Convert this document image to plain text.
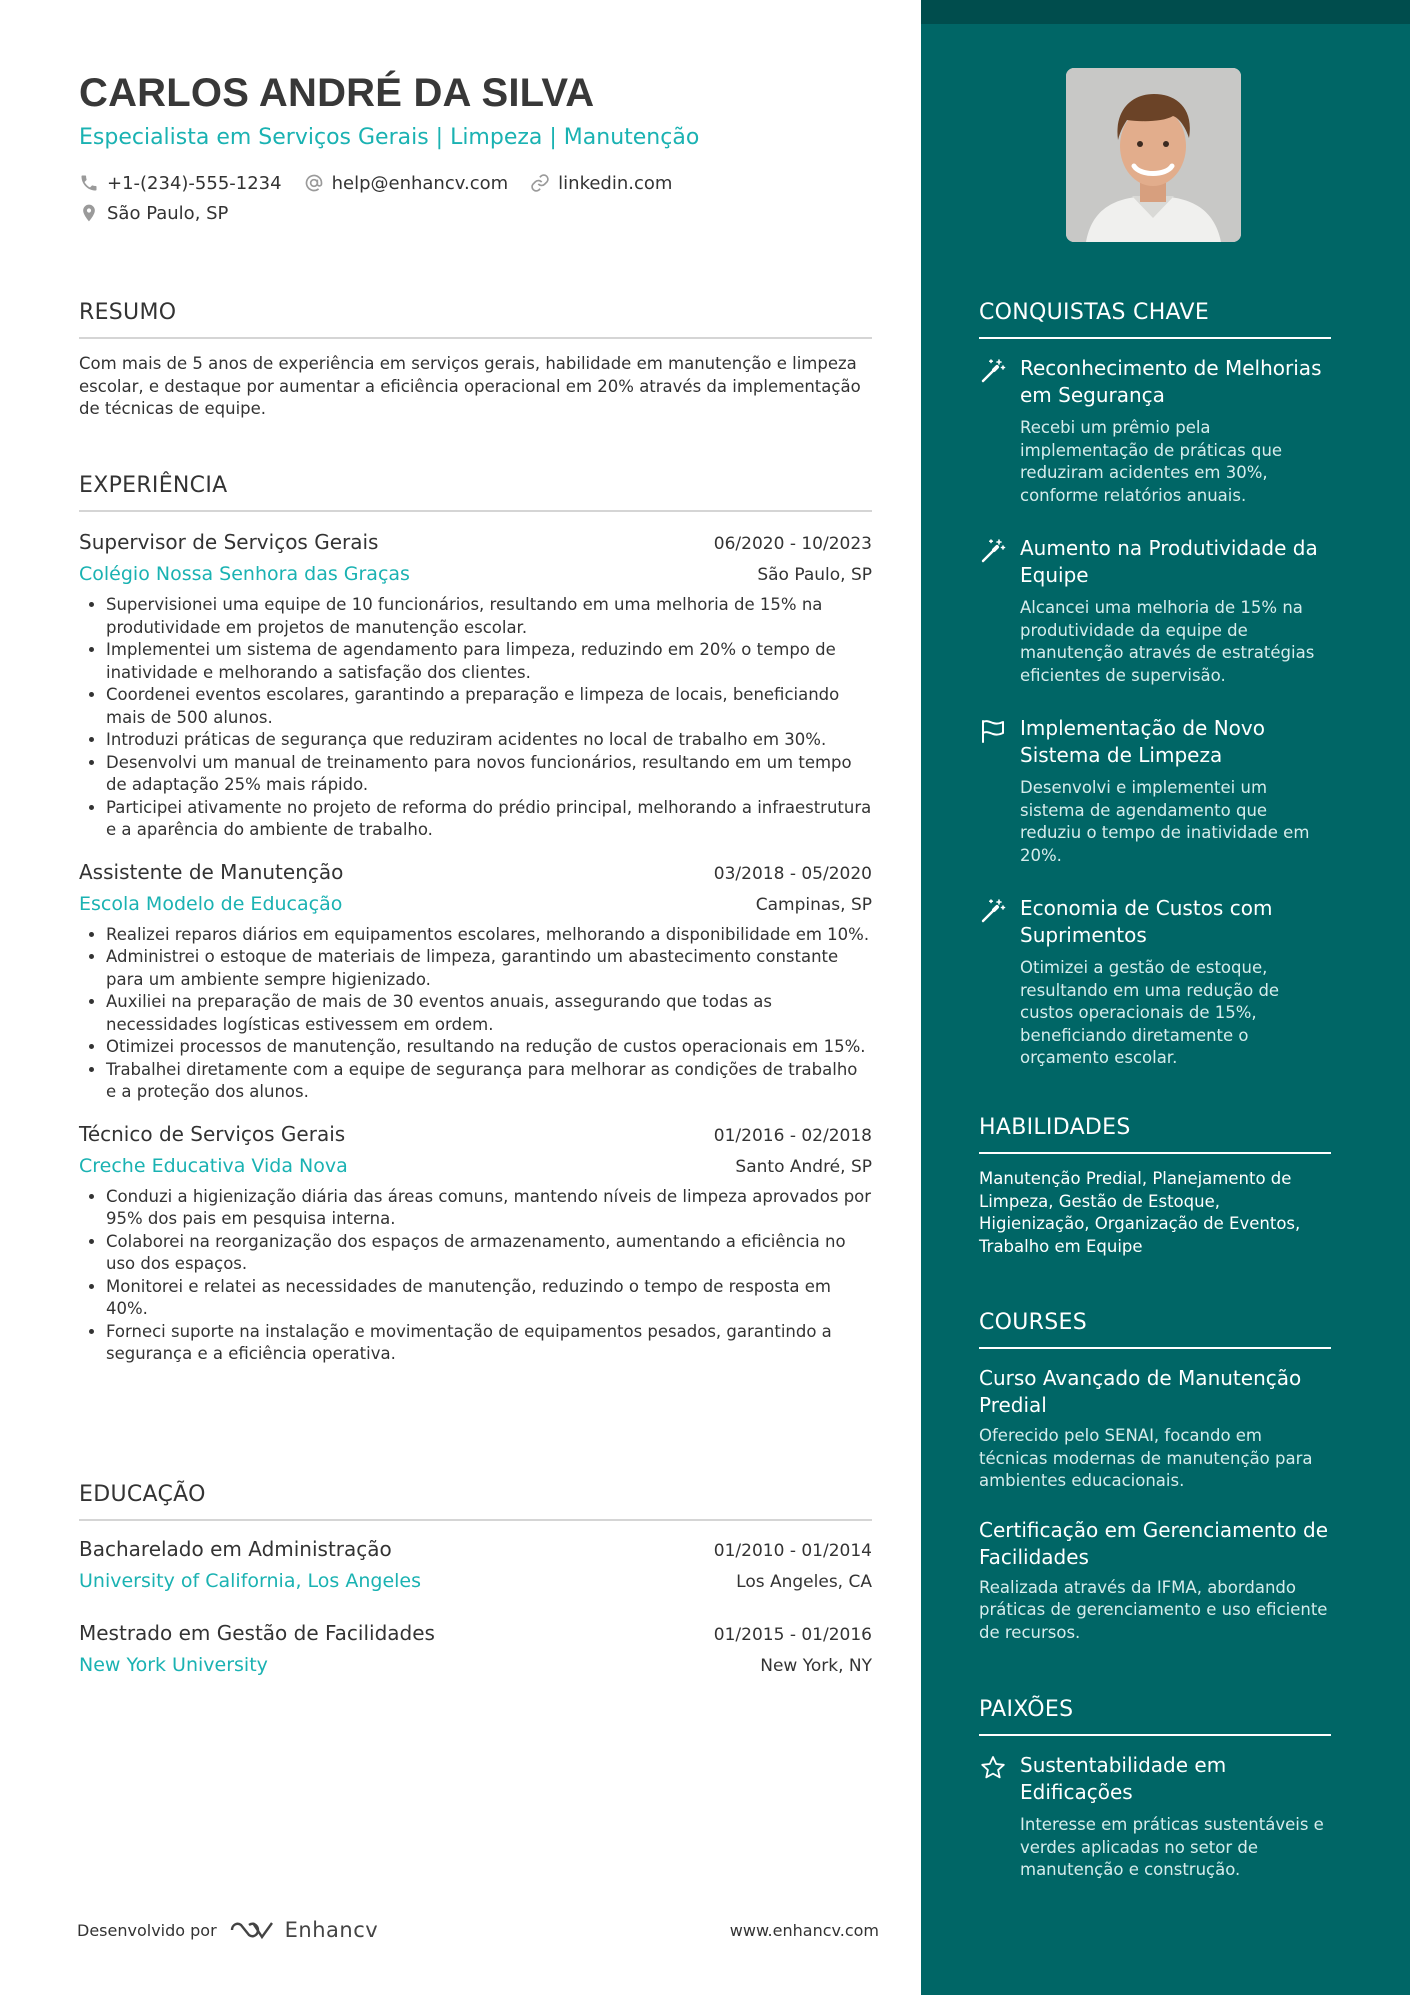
CARLOS ANDRÉ DA SILVA
Especialista em Serviços Gerais | Limpeza | Manutenção
+1-(234)-555-1234	help@enhancv.com	linkedin.com
São Paulo, SP
RESUMO
Com mais de 5 anos de experiência em serviços gerais, habilidade em manutenção e limpeza escolar, e destaque por aumentar a eficiência operacional em 20% através da implementação de técnicas de equipe.
EXPERIÊNCIA
Supervisor de Serviços Gerais	06/2020 - 10/2023
Colégio Nossa Senhora das Graças	São Paulo, SP
• Supervisionei uma equipe de 10 funcionários, resultando em uma melhoria de 15% na produtividade em projetos de manutenção escolar.
• Implementei um sistema de agendamento para limpeza, reduzindo em 20% o tempo de inatividade e melhorando a satisfação dos clientes.
• Coordenei eventos escolares, garantindo a preparação e limpeza de locais, beneficiando mais de 500 alunos.
• Introduzi práticas de segurança que reduziram acidentes no local de trabalho em 30%.
• Desenvolvi um manual de treinamento para novos funcionários, resultando em um tempo de adaptação 25% mais rápido.
• Participei ativamente no projeto de reforma do prédio principal, melhorando a infraestrutura e a aparência do ambiente de trabalho.
Assistente de Manutenção	03/2018 - 05/2020
Escola Modelo de Educação	Campinas, SP
• Realizei reparos diários em equipamentos escolares, melhorando a disponibilidade em 10%.
• Administrei o estoque de materiais de limpeza, garantindo um abastecimento constante para um ambiente sempre higienizado.
• Auxiliei na preparação de mais de 30 eventos anuais, assegurando que todas as necessidades logísticas estivessem em ordem.
• Otimizei processos de manutenção, resultando na redução de custos operacionais em 15%.
• Trabalhei diretamente com a equipe de segurança para melhorar as condições de trabalho e a proteção dos alunos.
Técnico de Serviços Gerais	01/2016 - 02/2018
Creche Educativa Vida Nova	Santo André, SP
• Conduzi a higienização diária das áreas comuns, mantendo níveis de limpeza aprovados por 95% dos pais em pesquisa interna.
• Colaborei na reorganização dos espaços de armazenamento, aumentando a eficiência no uso dos espaços.
• Monitorei e relatei as necessidades de manutenção, reduzindo o tempo de resposta em 40%.
• Forneci suporte na instalação e movimentação de equipamentos pesados, garantindo a segurança e a eficiência operativa.
EDUCAÇÃO
Bacharelado em Administração	01/2010 - 01/2014
University of California, Los Angeles	Los Angeles, CA
Mestrado em Gestão de Facilidades	01/2015 - 01/2016
New York University	New York, NY
Desenvolvido por	Enhancv	www.enhancv.com
CONQUISTAS CHAVE
Reconhecimento de Melhorias em Segurança
Recebi um prêmio pela implementação de práticas que reduziram acidentes em 30%, conforme relatórios anuais.
Aumento na Produtividade da Equipe
Alcancei uma melhoria de 15% na produtividade da equipe de manutenção através de estratégias eficientes de supervisão.
Implementação de Novo Sistema de Limpeza
Desenvolvi e implementei um sistema de agendamento que reduziu o tempo de inatividade em 20%.
Economia de Custos com Suprimentos
Otimizei a gestão de estoque, resultando em uma redução de custos operacionais de 15%, beneficiando diretamente o orçamento escolar.
HABILIDADES
Manutenção Predial, Planejamento de Limpeza, Gestão de Estoque, Higienização, Organização de Eventos, Trabalho em Equipe
COURSES
Curso Avançado de Manutenção Predial
Oferecido pelo SENAI, focando em técnicas modernas de manutenção para ambientes educacionais.
Certificação em Gerenciamento de Facilidades
Realizada através da IFMA, abordando práticas de gerenciamento e uso eficiente de recursos.
PAIXÕES
Sustentabilidade em Edificações
Interesse em práticas sustentáveis e verdes aplicadas no setor de manutenção e construção.
